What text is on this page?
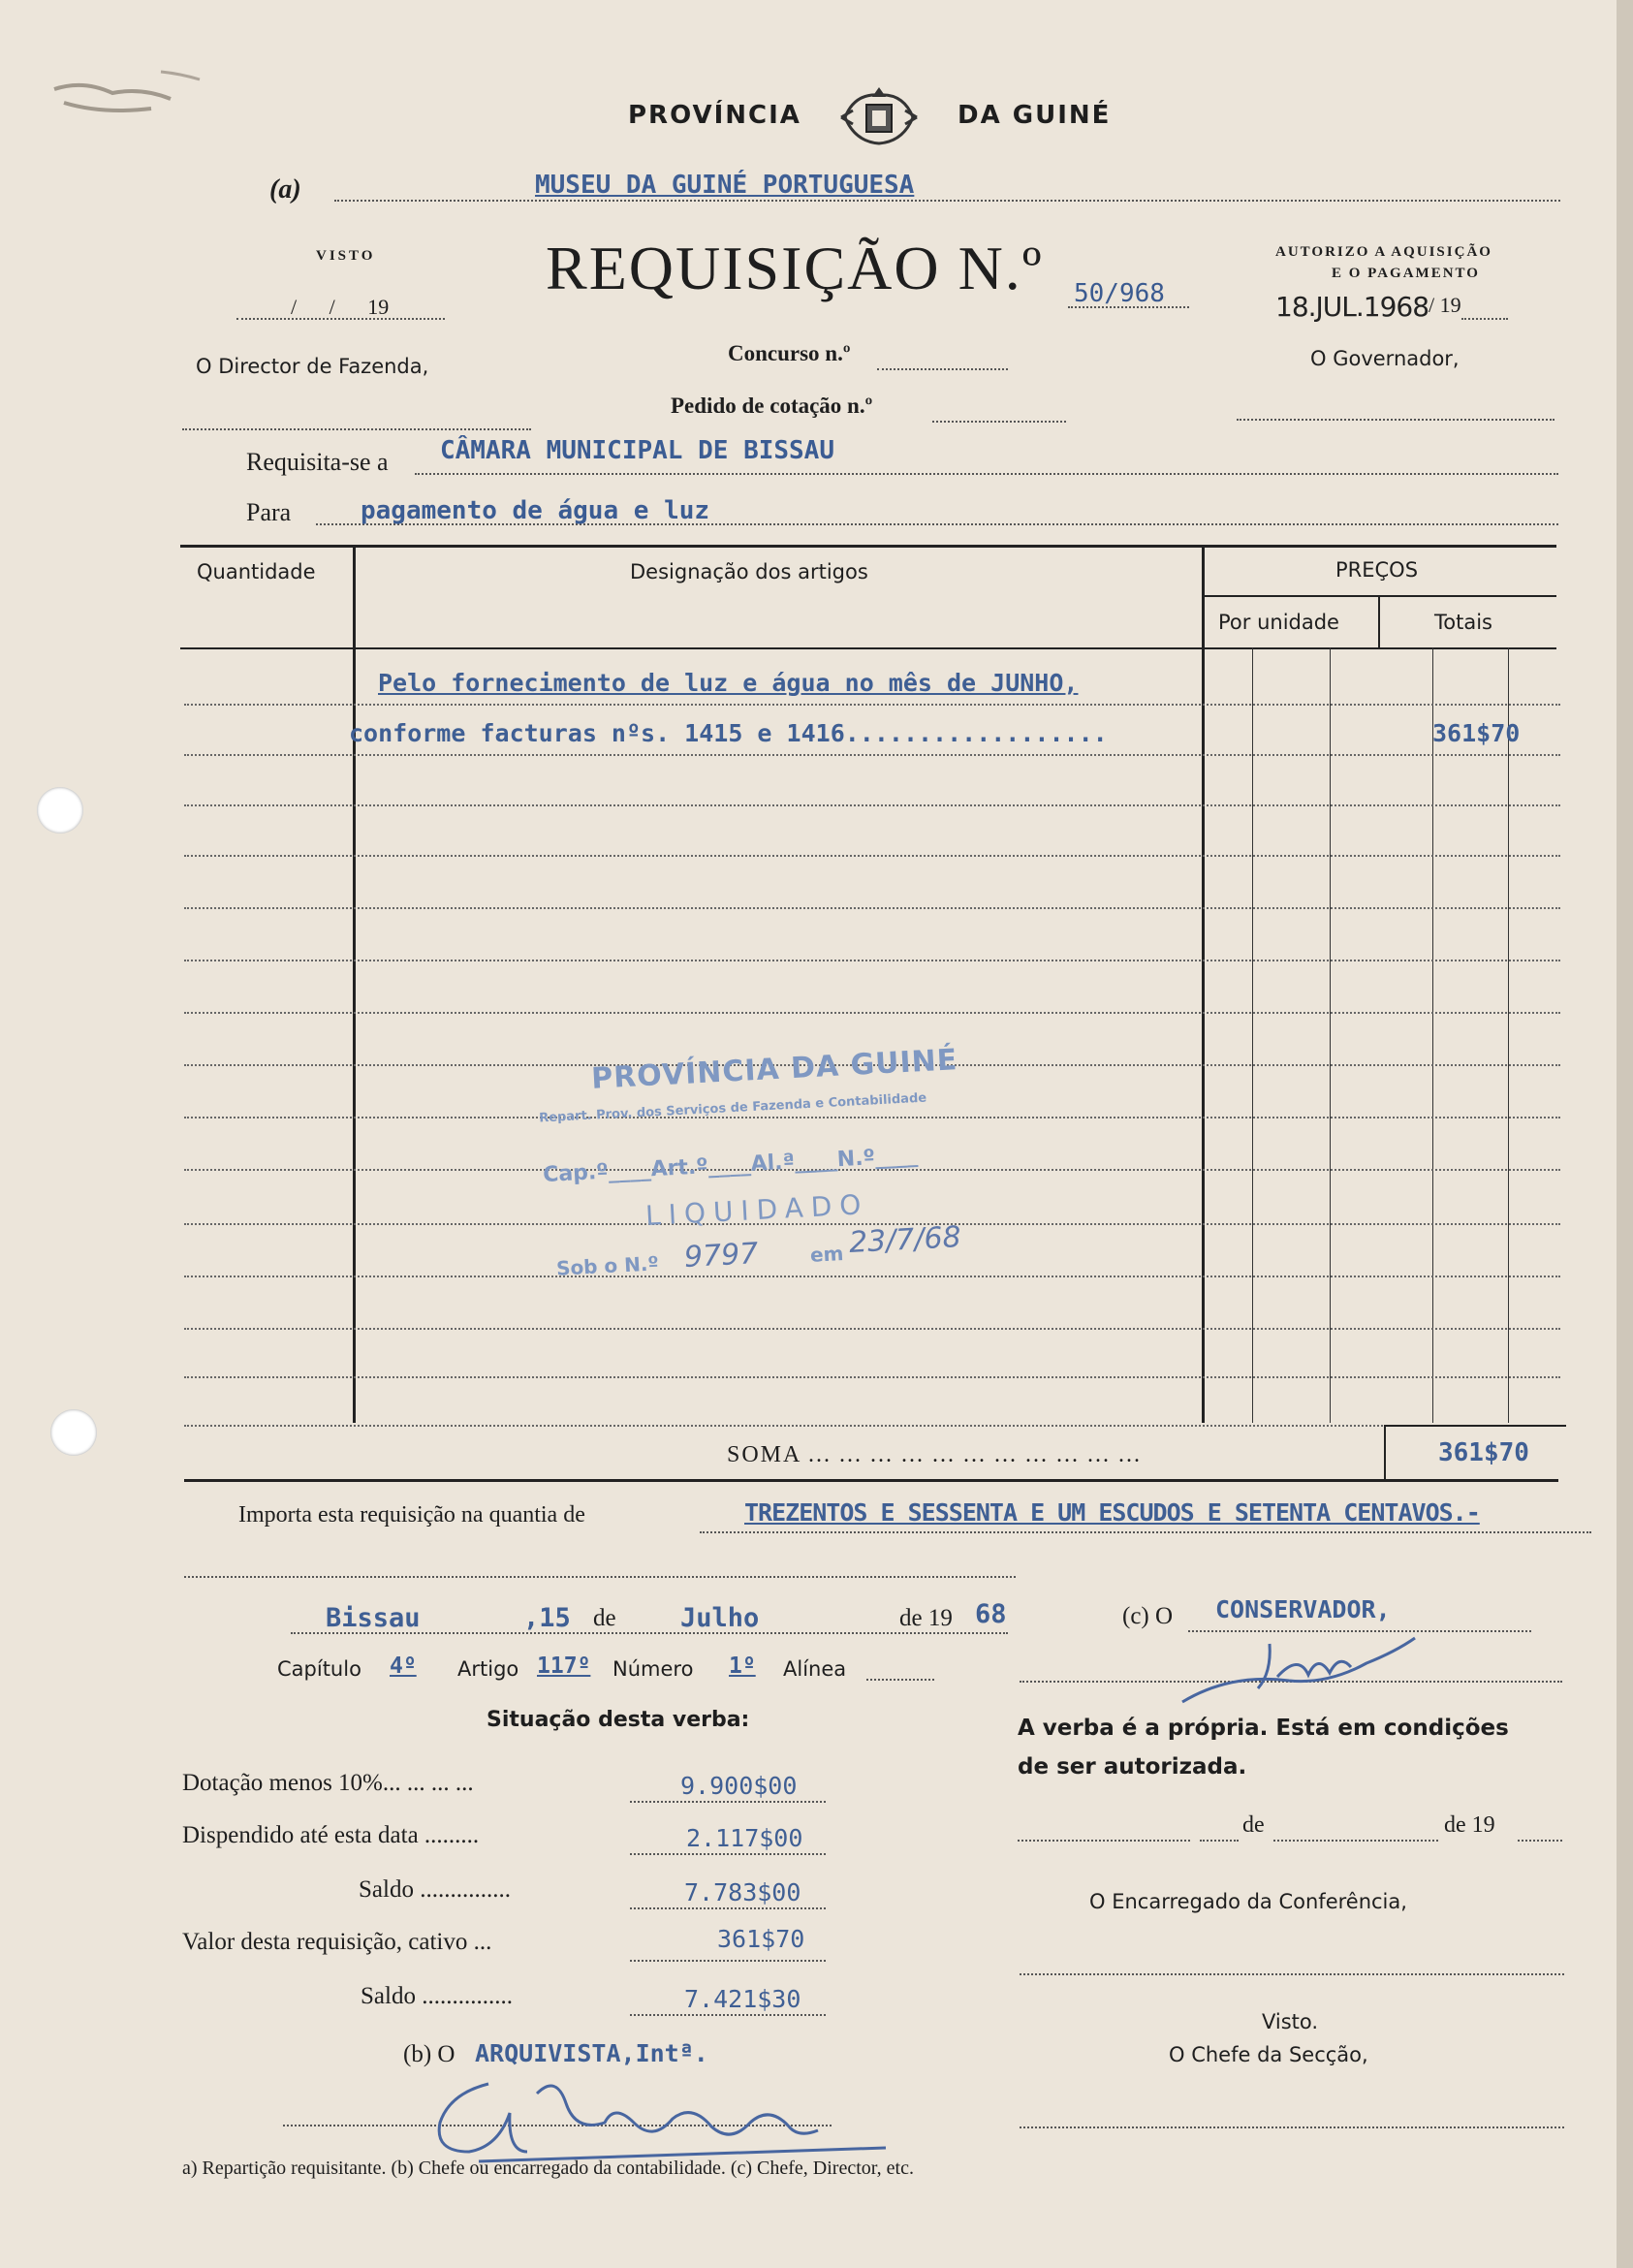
PROVÍNCIA	DA GUINÉ
(a)	MUSEU DA GUINÉ PORTUGUESA
VISTO
/ / 19
O Director de Fazenda,
REQUISIÇÃO N.º 50/968
AUTORIZO A AQUISIÇÃO
E O PAGAMENTO
18.JUL.1968 / 19
O Governador,
Concurso n.º
Pedido de cotação n.º
Requisita-se a CÂMARA MUNICIPAL DE BISSAU
Para	pagamento de água e luz
Quantidade	Designação dos artigos	PREÇOS
Por unidade	Totais
Pelo fornecimento de luz e água no mês de JUNHO,
conforme facturas nºs. 1415 e 1416..................	361$70
PROVÍNCIA DA GUINÉ
Repart. Prov. dos Serviços de Fazenda e Contabilidade
Cap.º____Art.º____Al.ª____N.º____
LIQUIDADO
Sob o N.º 9797	em 23/7/68
SOMA ... ... ... ... ... ... ... ... ... ... ...	361$70
Importa esta requisição na quantia de	TREZENTOS E SESSENTA E UM ESCUDOS E SETENTA CENTAVOS.-
Bissau	,15 de Julho	de 19 68	(c) O CONSERVADOR,
Capítulo 4º Artigo 117º Número 1º Alínea
Situação desta verba:
Dotação menos 10%... ... ... ...	9.900$00
Dispendido até esta data .........	2.117$00
Saldo ...............	7.783$00
Valor desta requisição, cativo ...	361$70
Saldo ...............	7.421$30
A verba é a própria. Está em condições
de ser autorizada.
de	de 19
O Encarregado da Conferência,
Visto.
O Chefe da Secção,
(b) O ARQUIVISTA,Intª.
a) Repartição requisitante. (b) Chefe ou encarregado da contabilidade. (c) Chefe, Director, etc.
